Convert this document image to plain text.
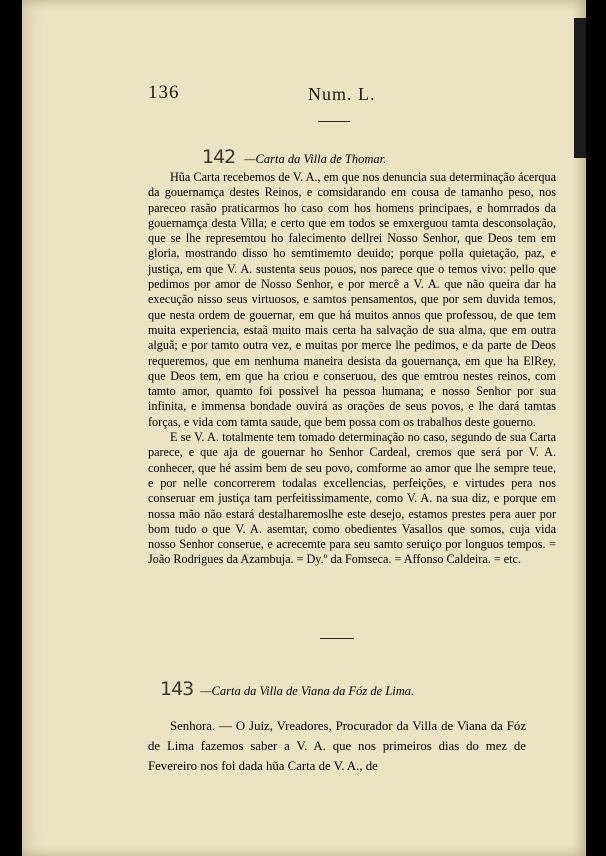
136	Num. L.
142 —Carta da Villa de Thomar.

Hũa Carta recebemos de V. A., em que nos denuncia sua determinação ácerqua da gouernamça destes Reinos, e comsidarando em cousa de tamanho peso, nos pareceo rasão praticarmos ho caso com hos homens principaes, e homrrados da gouernamça desta Villa; e certo que em todos se emxerguou tamta desconsolação, que se lhe represemtou ho falecimento dellrei Nosso Senhor, que Deos tem em gloria, mostrando disso ho semtimemto deuido; porque polla quietação, paz, e justiça, em que V. A. sustenta seus pouos, nos parece que o temos vivo: pello que pedimos por amor de Nosso Senhor, e por mercê a V. A. que não queira dar ha execução nisso seus virtuosos, e samtos pensamentos, que por sem duvida temos, que nesta ordem de gouernar, em que há muitos annos que professou, de que tem muita experiencia, estaã muito mais certa ha salvação de sua alma, que em outra alguã; e por tamto outra vez, e muitas por merce lhe pedimos, e da parte de Deos requeremos, que em nenhuma maneira desista da gouernança, em que ha ElRey, que Deos tem, em que ha criou e conseruou, des que emtrou nestes reinos, com tamto amor, quamto foi possivel ha pessoa humana; e nosso Senhor por sua infinita, e immensa bondade ouvirá as orações de seus povos, e lhe dará tamtas forças, e vida com tamta saude, que bem possa com os trabalhos deste gouerno.

E se V. A. totalmente tem tomado determinação no caso, segundo de sua Carta parece, e que aja de gouernar ho Senhor Cardeal, cremos que será por V. A. conhecer, que hé assim bem de seu povo, comforme ao amor que lhe sempre teue, e por nelle concorrerem todalas excellencias, perfeições, e virtudes pera nos conseruar em justiça tam perfeitissimamente, como V. A. na sua diz, e porque em nossa mão não estará destalharemoslhe este desejo, estamos prestes pera auer por bom tudo o que V. A. asemtar, como obedientes Vasallos que somos, cuja vida nosso Senhor conserue, e acrecemte para seu samto seruiço por longuos tempos. = João Rodrigues da Azambuja. = Dy.º da Fomseca. = Affonso Caldeira. = etc.

143 —Carta da Villa de Viana da Fóz de Lima.

Senhora. — O Juiz, Vreadores, Procurador da Villa de Viana da Fóz de Lima fazemos saber a V. A. que nos primeiros dias do mez de Fevereiro nos foi dada hũa Carta de V. A., de
